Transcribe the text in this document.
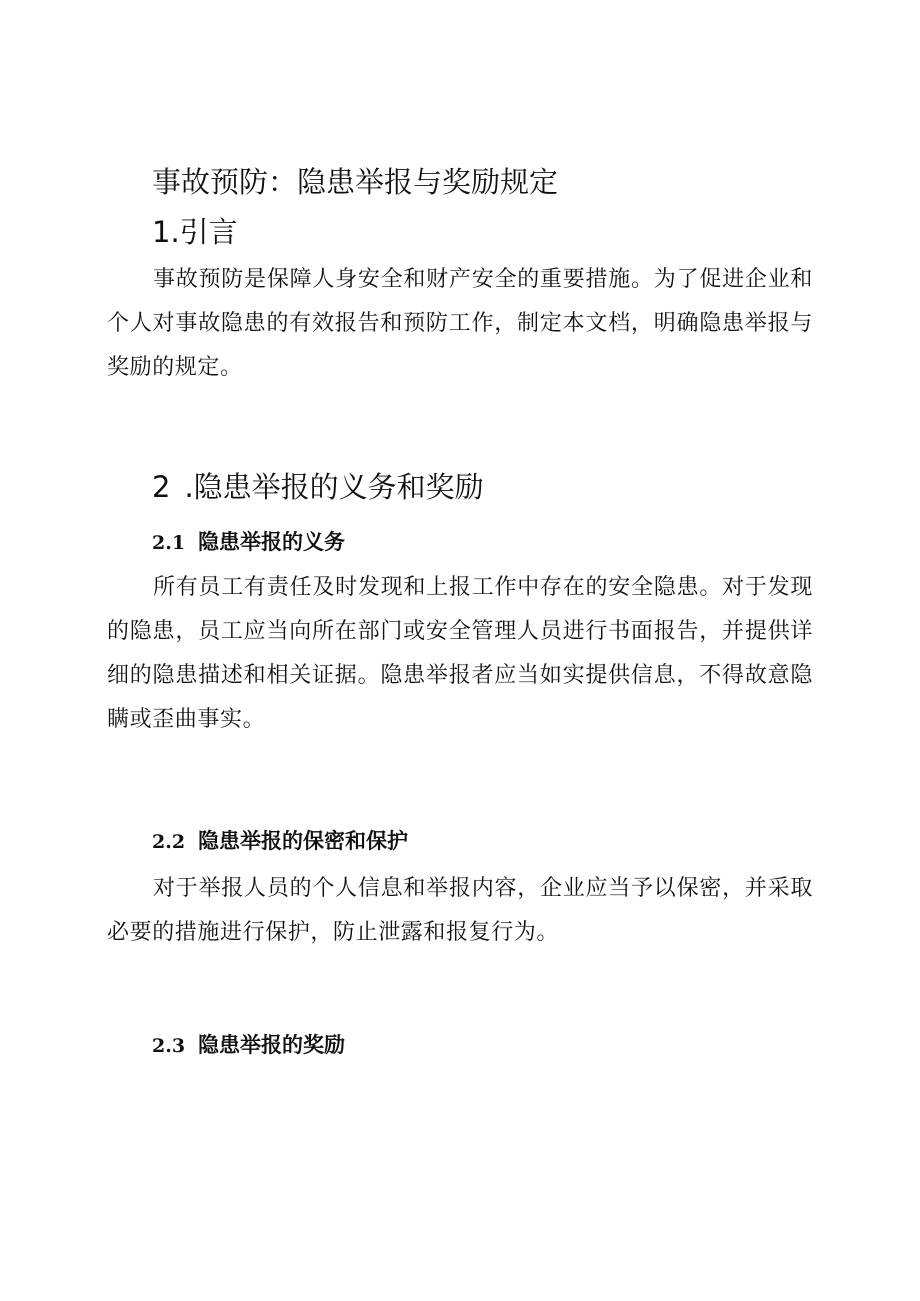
事故预防：隐患举报与奖励规定
1.引言

事故预防是保障人身安全和财产安全的重要措施。为了促进企业和个人对事故隐患的有效报告和预防工作，制定本文档，明确隐患举报与奖励的规定。

2 .隐患举报的义务和奖励
2.1 隐患举报的义务

所有员工有责任及时发现和上报工作中存在的安全隐患。对于发现的隐患，员工应当向所在部门或安全管理人员进行书面报告，并提供详细的隐患描述和相关证据。隐患举报者应当如实提供信息，不得故意隐瞒或歪曲事实。

2.2 隐患举报的保密和保护

对于举报人员的个人信息和举报内容，企业应当予以保密，并采取必要的措施进行保护，防止泄露和报复行为。

2.3 隐患举报的奖励
